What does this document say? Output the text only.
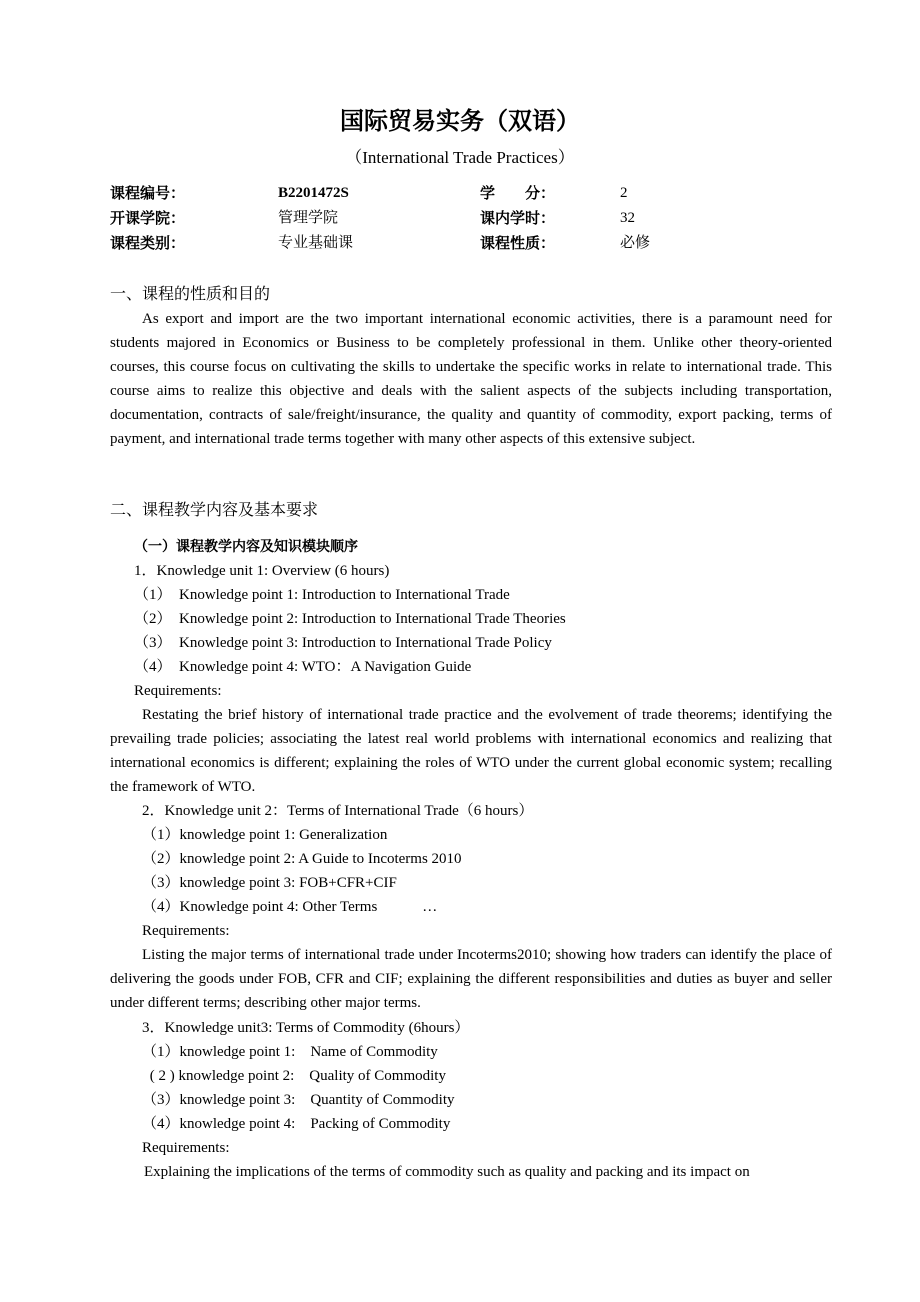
国际贸易实务（双语）
（International Trade Practices）
课程编号：	B2201472S	学　　分：	2
开课学院：	管理学院	课内学时：	32
课程类别：	专业基础课	课程性质：	必修
一、课程的性质和目的

As export and import are the two important international economic activities, there is a paramount need for students majored in Economics or Business to be completely professional in them. Unlike other theory-oriented courses, this course focus on cultivating the skills to undertake the specific works in relate to international trade. This course aims to realize this objective and deals with the salient aspects of the subjects including transportation, documentation, contracts of sale/freight/insurance, the quality and quantity of commodity, export packing, terms of payment, and international trade terms together with many other aspects of this extensive subject.

二、课程教学内容及基本要求
（一）课程教学内容及知识模块顺序
1．Knowledge unit 1: Overview (6 hours)
（1）  Knowledge point 1: Introduction to International Trade
（2）  Knowledge point 2: Introduction to International Trade Theories
（3）  Knowledge point 3: Introduction to International Trade Policy
（4）  Knowledge point 4: WTO：A Navigation Guide
Requirements:

Restating the brief history of international trade practice and the evolvement of trade theorems; identifying the prevailing trade policies; associating the latest real world problems with international economics and realizing that international economics is different; explaining the roles of WTO under the current global economic system; recalling the framework of WTO.

2．Knowledge unit 2：Terms of International Trade（6 hours）
（1）knowledge point 1: Generalization
（2）knowledge point 2: A Guide to Incoterms 2010
（3）knowledge point 3: FOB+CFR+CIF
（4）Knowledge point 4: Other Terms            …
Requirements:

Listing the major terms of international trade under Incoterms2010; showing how traders can identify the place of delivering the goods under FOB, CFR and CIF; explaining the different responsibilities and duties as buyer and seller under different terms; describing other major terms.

3．Knowledge unit3: Terms of Commodity (6hours）
（1）knowledge point 1:    Name of Commodity
( 2 ) knowledge point 2:    Quality of Commodity
（3）knowledge point 3:    Quantity of Commodity
（4）knowledge point 4:    Packing of Commodity
Requirements:
Explaining the implications of the terms of commodity such as quality and packing and its impact on
